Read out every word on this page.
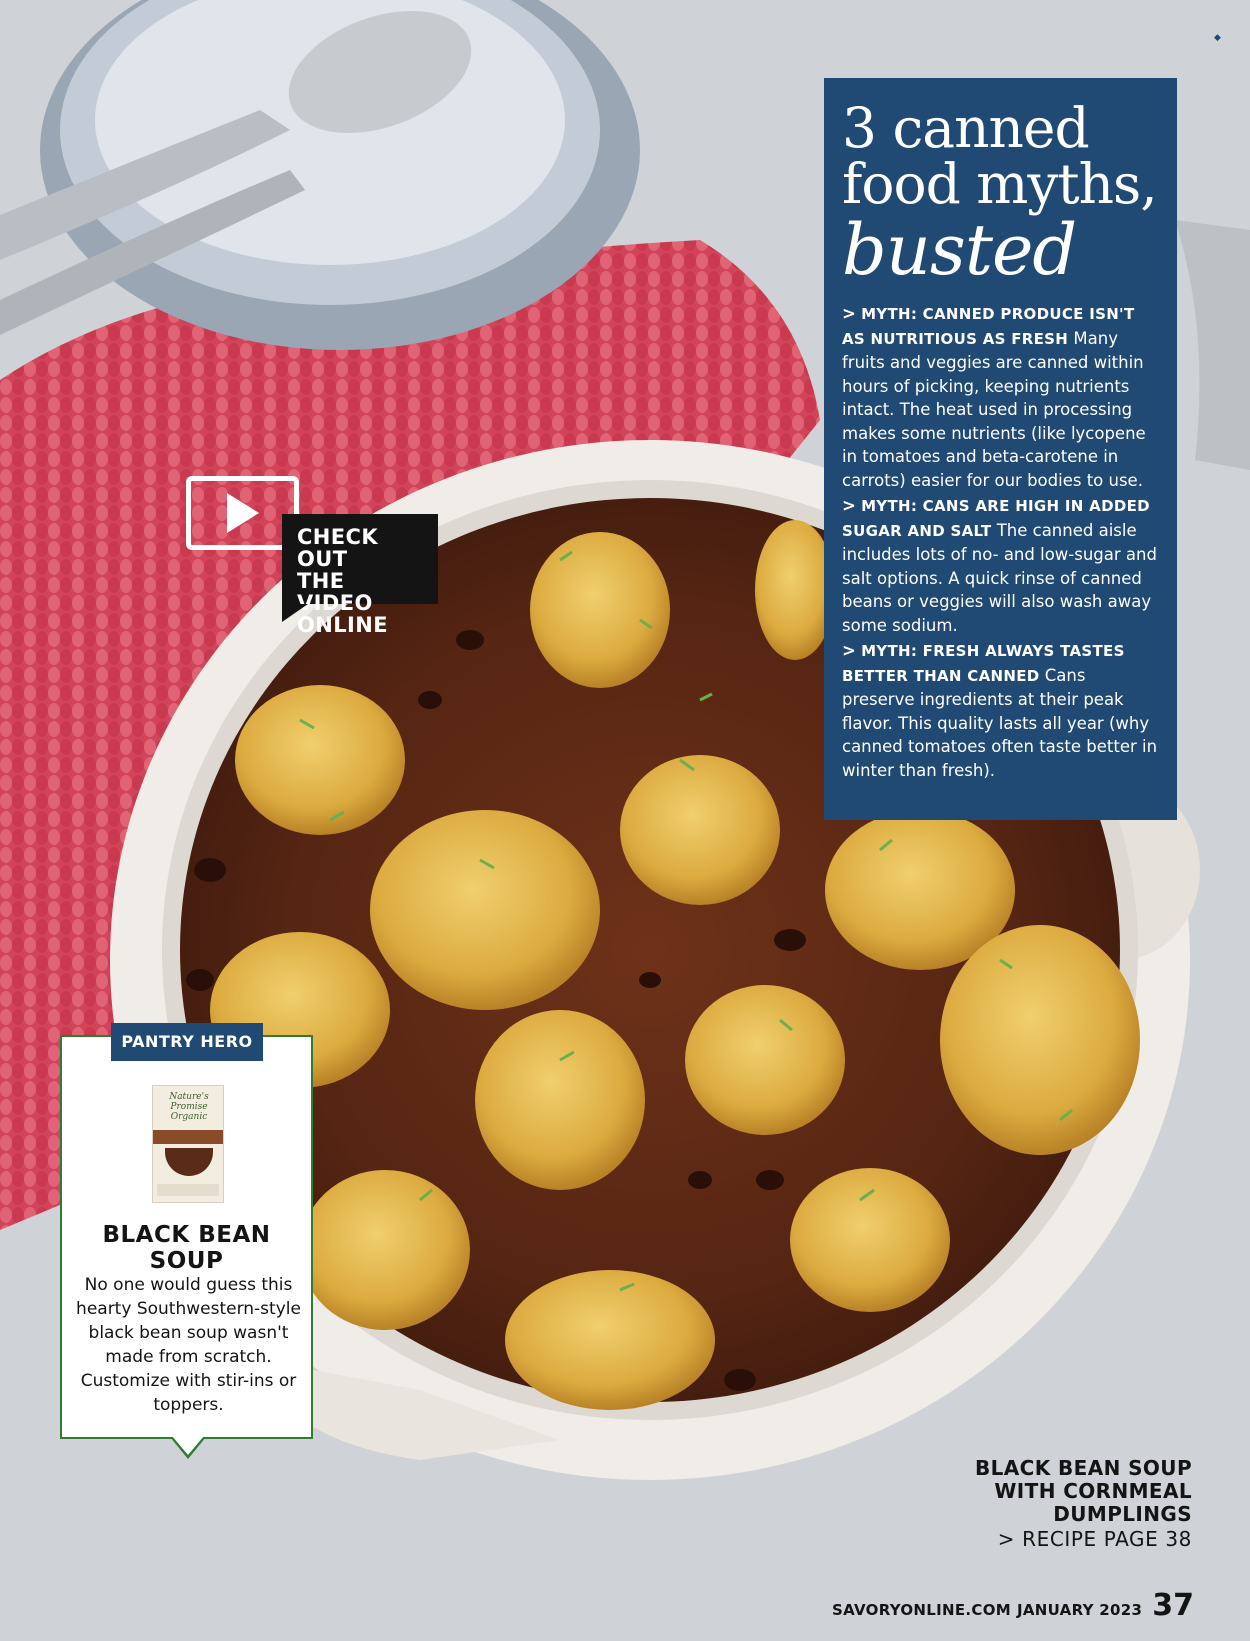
◆
CHECK OUT
THE VIDEO
ONLINE
3 canned
food myths,
busted
> MYTH: CANNED PRODUCE ISN'T AS NUTRITIOUS AS FRESH Many fruits and veggies are canned within hours of picking, keeping nutrients intact. The heat used in processing makes some nutrients (like lycopene in tomatoes and beta-carotene in carrots) easier for our bodies to use.
> MYTH: CANS ARE HIGH IN ADDED SUGAR AND SALT The canned aisle includes lots of no- and low-sugar and salt options. A quick rinse of canned beans or veggies will also wash away some sodium.
> MYTH: FRESH ALWAYS TASTES BETTER THAN CANNED Cans preserve ingredients at their peak flavor. This quality lasts all year (why canned tomatoes often taste better in winter than fresh).
PANTRY HERO
Nature's Promise Organic
BLACK BEAN
SOUP
No one would guess this hearty Southwestern-style black bean soup wasn't made from scratch. Customize with stir-ins or toppers.
BLACK BEAN SOUP
WITH CORNMEAL
DUMPLINGS
> RECIPE PAGE 38
SAVORYONLINE.COM JANUARY 2023 37
